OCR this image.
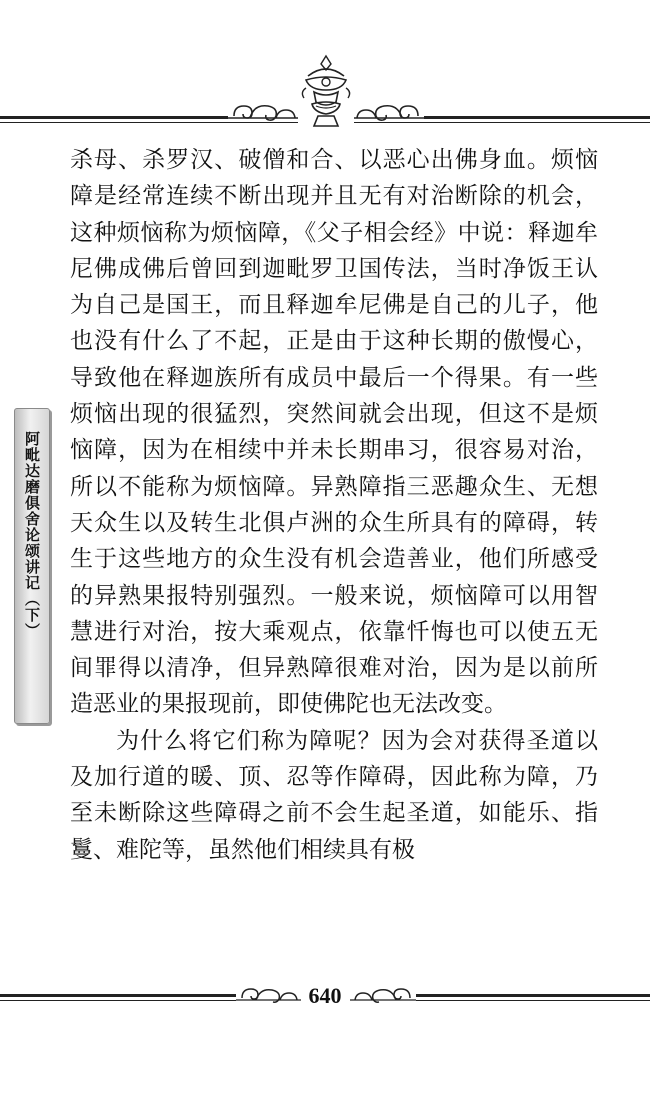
阿毗达磨俱舍论颂讲记（下）

杀母、杀罗汉、破僧和合、以恶心出佛身血。烦恼障是经常连续不断出现并且无有对治断除的机会，这种烦恼称为烦恼障，《父子相会经》中说：释迦牟尼佛成佛后曾回到迦毗罗卫国传法，当时净饭王认为自己是国王，而且释迦牟尼佛是自己的儿子，他也没有什么了不起，正是由于这种长期的傲慢心，导致他在释迦族所有成员中最后一个得果。有一些烦恼出现的很猛烈，突然间就会出现，但这不是烦恼障，因为在相续中并未长期串习，很容易对治，所以不能称为烦恼障。异熟障指三恶趣众生、无想天众生以及转生北俱卢洲的众生所具有的障碍，转生于这些地方的众生没有机会造善业，他们所感受的异熟果报特别强烈。一般来说，烦恼障可以用智慧进行对治，按大乘观点，依靠忏悔也可以使五无间罪得以清净，但异熟障很难对治，因为是以前所造恶业的果报现前，即使佛陀也无法改变。

为什么将它们称为障呢？因为会对获得圣道以及加行道的暖、顶、忍等作障碍，因此称为障，乃至未断除这些障碍之前不会生起圣道，如能乐、指鬘、难陀等，虽然他们相续具有极

640
